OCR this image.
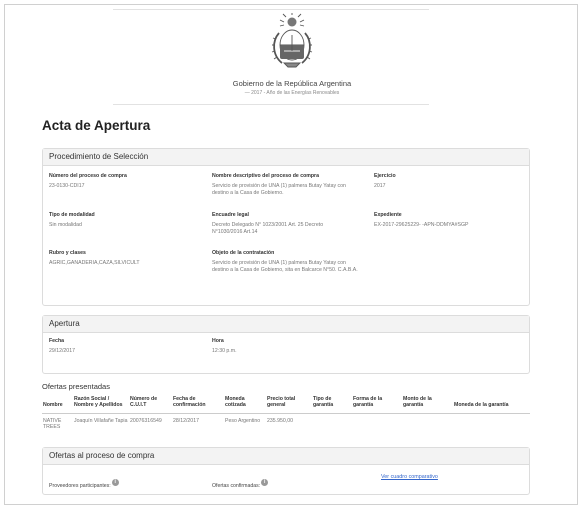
Gobierno de la República Argentina
— 2017 - Año de las Energías Renovables
Acta de Apertura
Procedimiento de Selección
Número del proceso de compra
23-0130-CDI17
Nombre descriptivo del proceso de compra
Servicio de provisión de UNA (1) palmera Butay Yatay con destino a la Casa de Gobierno.
Ejercicio
2017
Tipo de modalidad
Sin modalidad
Encuadre legal
Decreto Delegado N° 1023/2001 Art. 25 Decreto N°1030/2016 Art.14
Expediente
EX-2017-29625229- -APN-DDMYA#SGP
Rubro y clases
AGRIC,GANADERIA,CAZA,SILVICULT
Objeto de la contratación
Servicio de provisión de UNA (1) palmera Butay Yatay con destino a la Casa de Gobierno, sita en Balcarce N°50. C.A.B.A.
Apertura
Fecha
29/12/2017
Hora
12:30 p.m.
Ofertas presentadas
Nombre	Razón Social / Nombre y Apellidos	Número de C.U.I.T	Fecha de confirmación	Moneda cotizada	Precio total general	Tipo de garantía	Forma de la garantía	Monto de la garantía	Moneda de la garantía
NATIVE TREES	Joaquín Villafañe Tapia	20076316549	28/12/2017	Peso Argentino	235.950,00				
Ofertas al proceso de compra
Proveedores participantes:i
Ofertas confirmadas:i
Ver cuadro comparativo
